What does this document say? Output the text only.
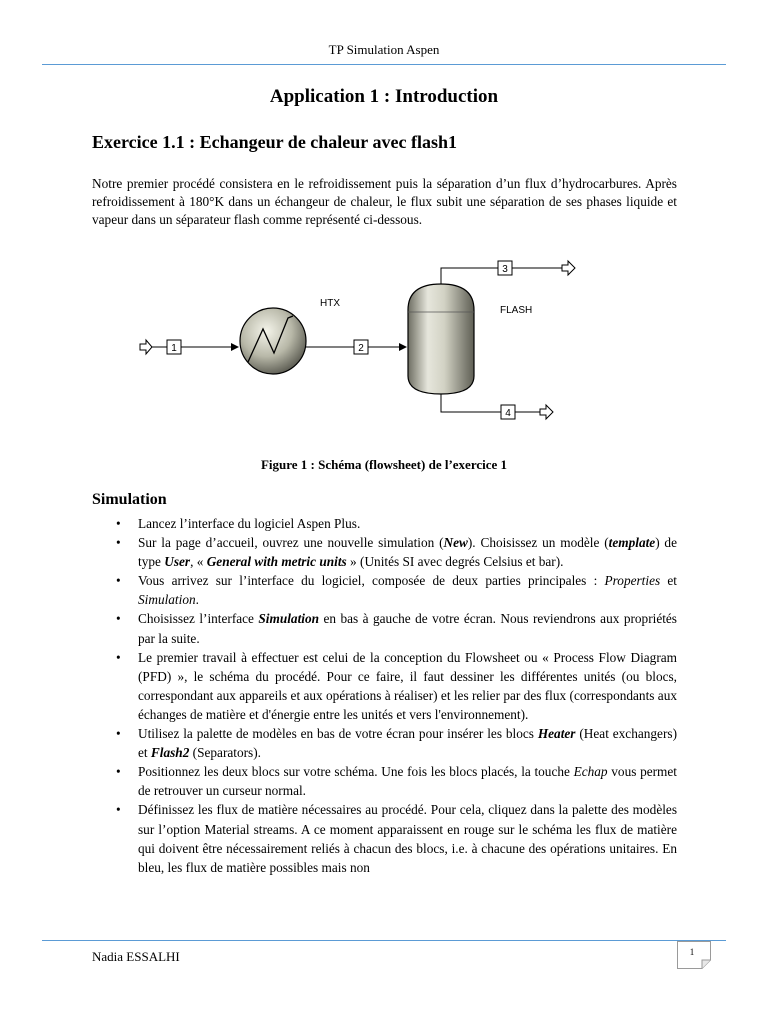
TP Simulation Aspen
Application 1 : Introduction
Exercice 1.1 : Echangeur de chaleur avec flash1
Notre premier procédé consistera en le refroidissement puis la séparation d’un flux d’hydrocarbures. Après refroidissement à 180°K dans un échangeur de chaleur, le flux subit une séparation de ses phases liquide et vapeur dans un séparateur flash comme représenté ci-dessous.
1
HTX
2
FLASH
3
4
Figure 1 : Schéma (flowsheet) de l’exercice 1
Simulation
• Lancez l’interface du logiciel Aspen Plus.
• Sur la page d’accueil, ouvrez une nouvelle simulation (New). Choisissez un modèle (template) de type User, « General with metric units » (Unités SI avec degrés Celsius et bar).
• Vous arrivez sur l’interface du logiciel, composée de deux parties principales : Properties et Simulation.
• Choisissez l’interface Simulation en bas à gauche de votre écran. Nous reviendrons aux propriétés par la suite.
• Le premier travail à effectuer est celui de la conception du Flowsheet ou « Process Flow Diagram (PFD) », le schéma du procédé. Pour ce faire, il faut dessiner les différentes unités (ou blocs, correspondant aux appareils et aux opérations à réaliser) et les relier par des flux (correspondants aux échanges de matière et d'énergie entre les unités et vers l'environnement).
• Utilisez la palette de modèles en bas de votre écran pour insérer les blocs Heater (Heat exchangers) et Flash2 (Separators).
• Positionnez les deux blocs sur votre schéma. Une fois les blocs placés, la touche Echap vous permet de retrouver un curseur normal.
• Définissez les flux de matière nécessaires au procédé. Pour cela, cliquez dans la palette des modèles sur l’option Material streams. A ce moment apparaissent en rouge sur le schéma les flux de matière qui doivent être nécessairement reliés à chacun des blocs, i.e. à chacune des opérations unitaires. En bleu, les flux de matière possibles mais non
Nadia ESSALHI	1
